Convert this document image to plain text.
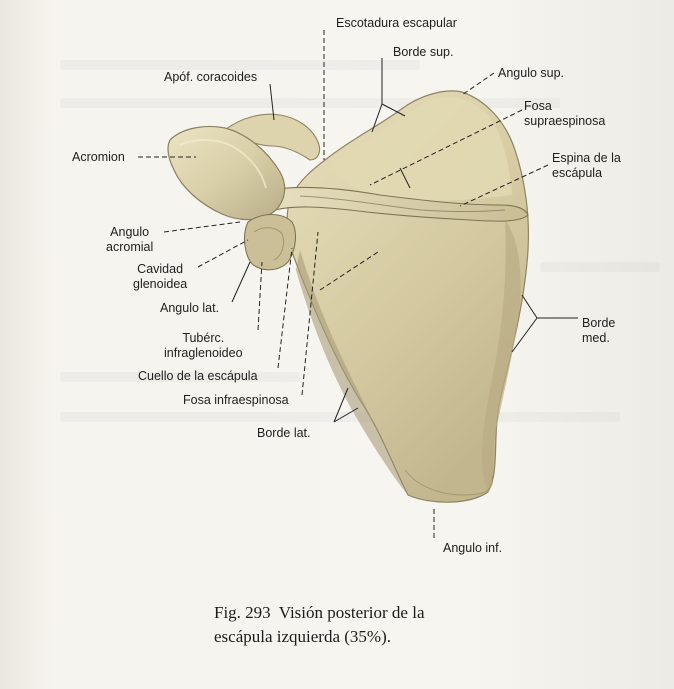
Escotadura escapular
Borde sup.
Apóf. coracoides	Angulo sup.
Fosa
supraespinosa
Acromion	Espina de la
escápula
Angulo
acromial
Cavidad
glenoidea
Angulo lat.
Borde
med.
Tubérc.
infraglenoideo
Cuello de la escápula
Fosa infraespinosa
Borde lat.
Angulo inf.
Fig. 293 Visión posterior de la
escápula izquierda (35%).
